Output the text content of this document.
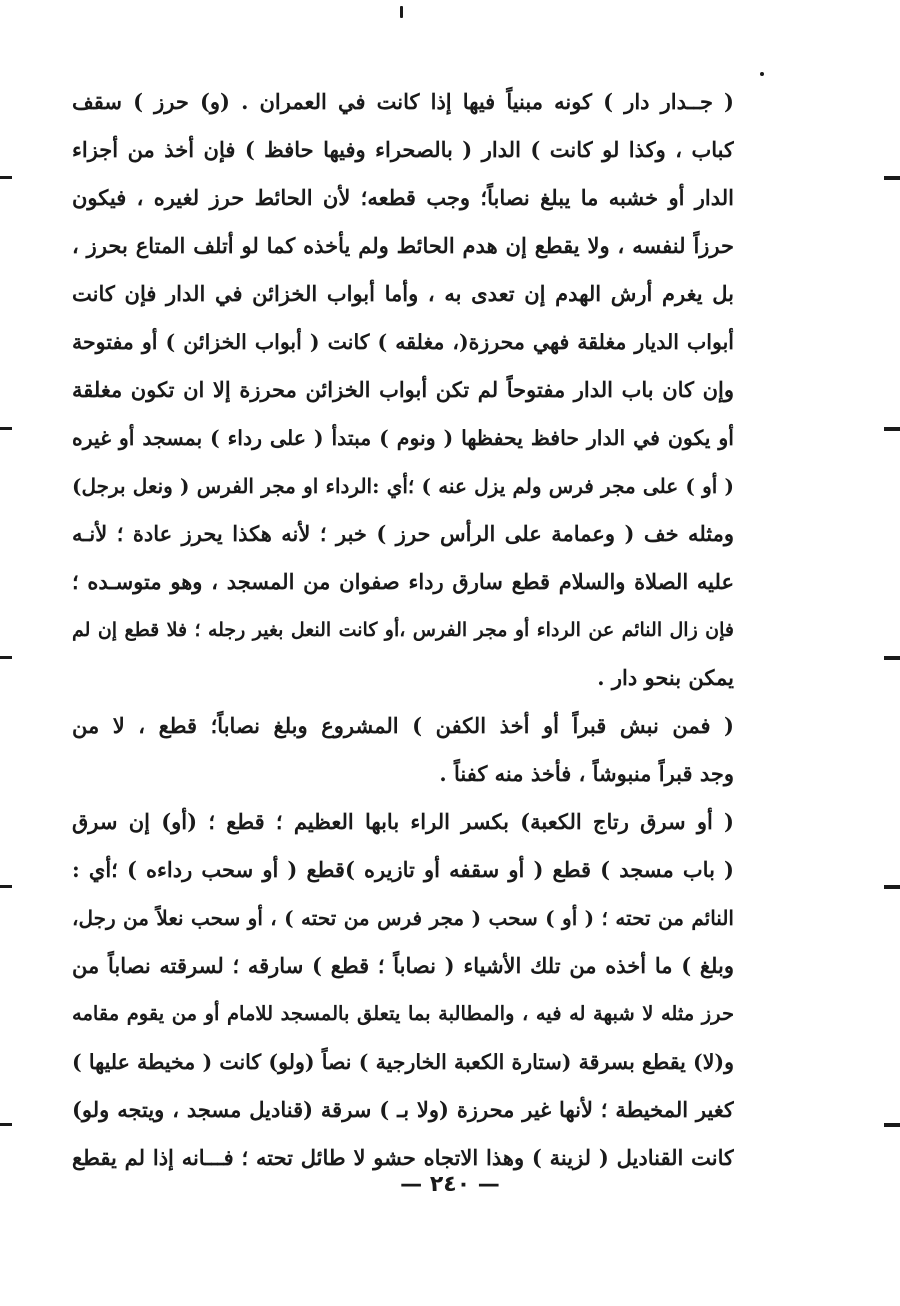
( جــدار دار ) كونه مبنياً فيها إذا كانت في العمران . (و) حرز ) سقف
كباب ، وكذا لو كانت ) الدار ( بالصحراء وفيها حافظ ) فإن أخذ من أجزاء
الدار أو خشبه ما يبلغ نصاباً؛ وجب قطعه؛ لأن الحائط حرز لغيره ، فيكون
حرزاً لنفسه ، ولا يقطع إن هدم الحائط ولم يأخذه كما لو أتلف المتاع بحرز ،
بل يغرم أرش الهدم إن تعدى به ، وأما أبواب الخزائن في الدار فإن كانت
أبواب الديار مغلقة فهي محرزة(، مغلقه ) كانت ( أبواب الخزائن ) أو مفتوحة
وإن كان باب الدار مفتوحاً لم تكن أبواب الخزائن محرزة إلا ان تكون مغلقة
أو يكون في الدار حافظ يحفظها ( ونوم ) مبتدأ ( على رداء ) بمسجد أو غيره
( أو ) على مجر فرس ولم يزل عنه ) ؛أي :الرداء او مجر الفرس ( ونعل برجل)
ومثله خف ( وعمامة على الرأس حرز ) خبر ؛ لأنه هكذا يحرز عادة ؛ لأنـه
عليه الصلاة والسلام قطع سارق رداء صفوان من المسجد ، وهو متوسـده ؛
فإن زال النائم عن الرداء أو مجر الفرس ،أو كانت النعل بغير رجله ؛ فلا قطع إن لم
يمكن بنحو دار .
( فمن نبش قبراً أو أخذ الكفن ) المشروع وبلغ نصاباً؛ قطع ، لا من
وجد قبراً منبوشاً ، فأخذ منه كفناً .
( أو سرق رتاج الكعبة) بكسر الراء بابها العظيم ؛ قطع ؛ (أو) إن سرق
( باب مسجد ) قطع ( أو سقفه أو تازيره )قطع ( أو سحب رداءه ) ؛أي :
النائم من تحته ؛ ( أو ) سحب ( مجر فرس من تحته ) ، أو سحب نعلاً من رجل،
وبلغ ) ما أخذه من تلك الأشياء ( نصاباً ؛ قطع ) سارقه ؛ لسرقته نصاباً من
حرز مثله لا شبهة له فيه ، والمطالبة بما يتعلق بالمسجد للامام أو من يقوم مقامه
و(لا) يقطع بسرقة (ستارة الكعبة الخارجية ) نصاً (ولو) كانت ( مخيطة عليها )
كغير المخيطة ؛ لأنها غير محرزة (ولا بـ ) سرقة (قناديل مسجد ، ويتجه ولو)
كانت القناديل ( لزينة ) وهذا الاتجاه حشو لا طائل تحته ؛ فـــانه إذا لم يقطع
— ٢٤٠ —
